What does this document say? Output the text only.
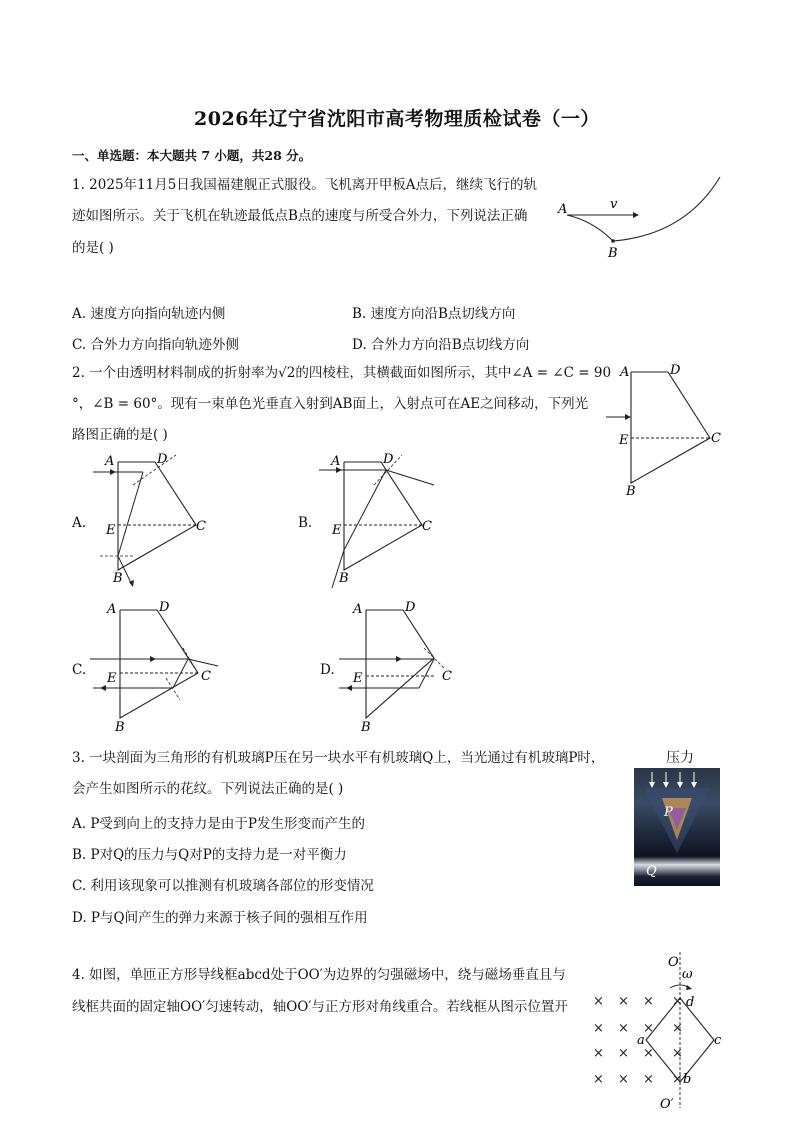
2026年辽宁省沈阳市高考物理质检试卷（一）
一、单选题：本大题共 7 小题，共28 分。
1. 2025年11月5日我国福建舰正式服役。飞机离开甲板A点后，继续飞行的轨
迹如图所示。关于飞机在轨迹最低点B点的速度与所受合外力，下列说法正确
的是( )
A	v
B
A. 速度方向指向轨迹内侧	B. 速度方向沿B点切线方向
C. 合外力方向指向轨迹外侧	D. 合外力方向沿B点切线方向
2. 一个由透明材料制成的折射率为√2的四棱柱，其横截面如图所示，其中∠A = ∠C = 90
°，∠B = 60°。现有一束单色光垂直入射到AB面上，入射点可在AE之间移动，下列光
路图正确的是( )
A	D
E	C
B
A.
A	D
E	C
B
B.
A	D
E	C
B
C.
A	D
E	C
B
D.
A	D
E	C
B
3. 一块剖面为三角形的有机玻璃P压在另一块水平有机玻璃Q上，当光通过有机玻璃P时，
会产生如图所示的花纹。下列说法正确的是( )
A. P受到向上的支持力是由于P发生形变而产生的
B. P对Q的压力与Q对P的支持力是一对平衡力
C. 利用该现象可以推测有机玻璃各部位的形变情况
D. P与Q间产生的弹力来源于核子间的强相互作用
压力
P
Q
4. 如图，单匝正方形导线框abcd处于OO′为边界的匀强磁场中，绕与磁场垂直且与
线框共面的固定轴OO′匀速转动，轴OO′与正方形对角线重合。若线框从图示位置开 × × × ×
× × × ×
× × × ×
× × × ×
O
ω
d
a	c
b
O′
